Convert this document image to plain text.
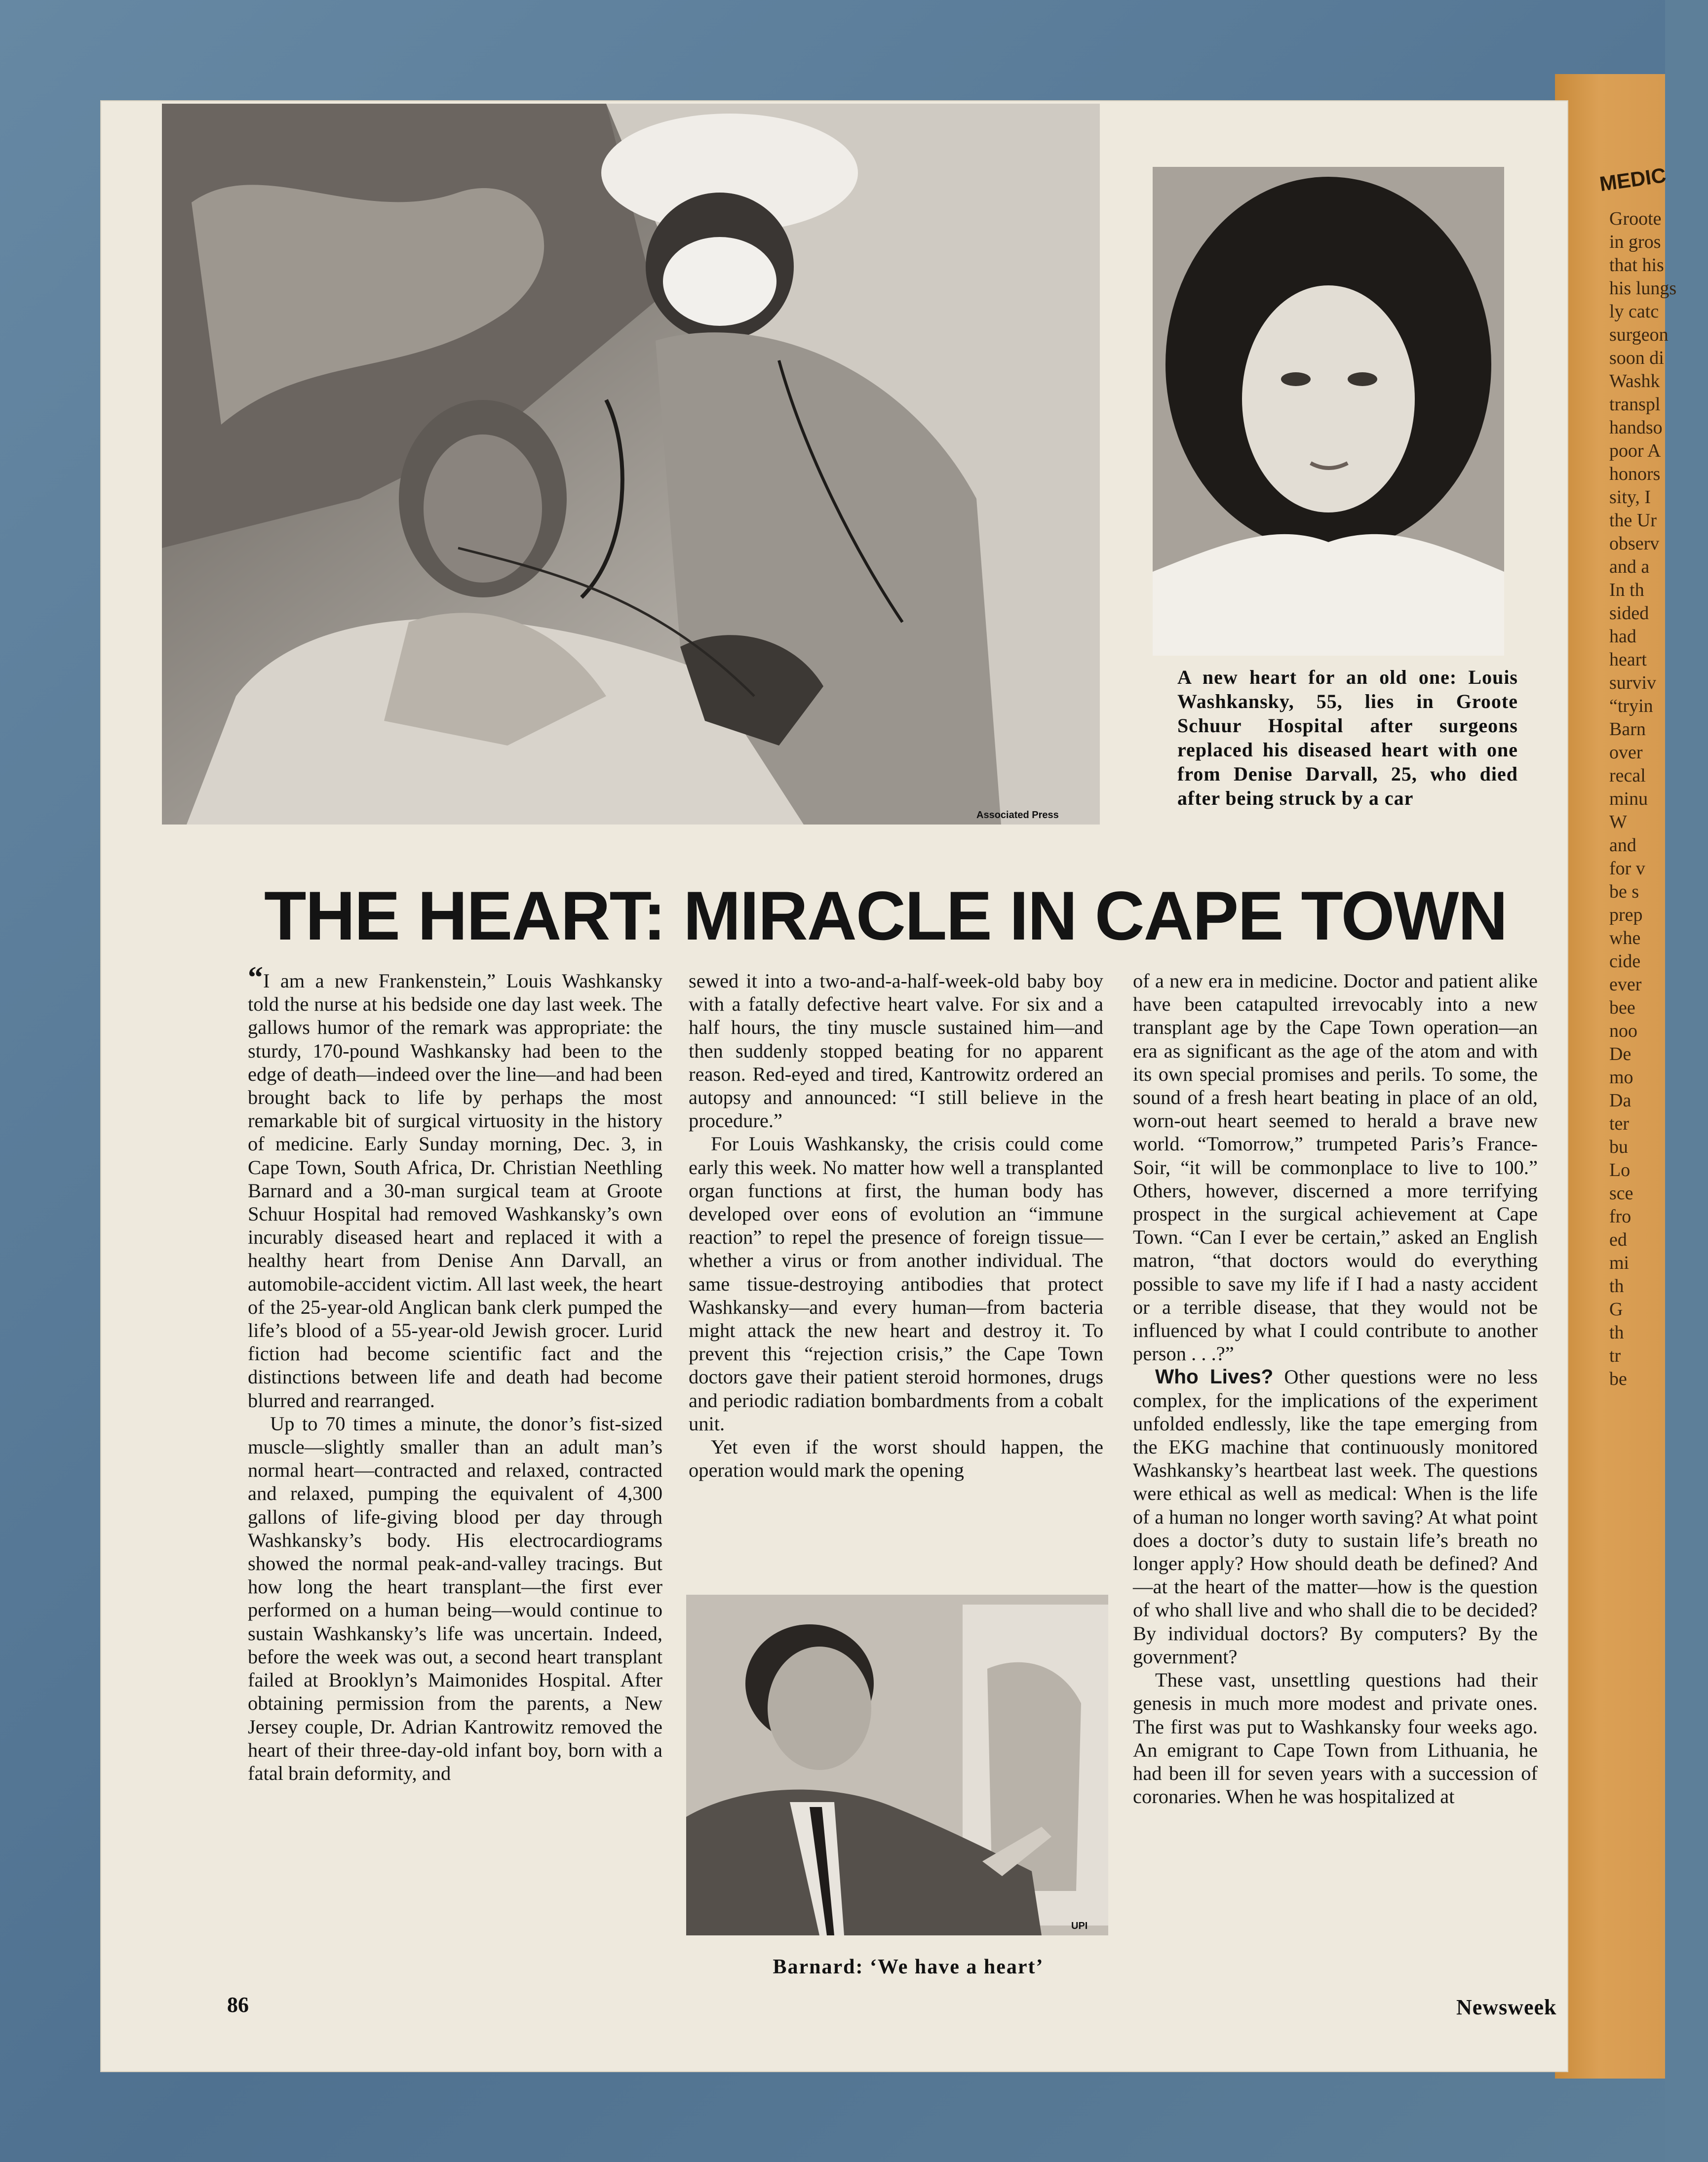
MEDIC
Groote
in gros
that his
his lungs
ly catc
surgeon
soon di
Washk
transpl
handso
poor A
honors
sity, I
the Ur
observ
and a
In th
sided
had
heart
surviv
“tryin
Barn
over
recal
minu
W
and
for v
be s
prep
whe
cide
ever
bee
noo
De
mo
Da
ter
bu
Lo
sce
fro
ed
mi
th
G
th
tr
be
Associated Press
A new heart for an old one: Louis Washkansky, 55, lies in Groote Schuur Hospital after surgeons replaced his diseased heart with one from Denise Darvall, 25, who died after being struck by a car
THE HEART: MIRACLE IN CAPE TOWN

“I am a new Frankenstein,” Louis Washkansky told the nurse at his bedside one day last week. The gallows humor of the remark was appropriate: the sturdy, 170-pound Washkansky had been to the edge of death—indeed over the line—and had been brought back to life by perhaps the most remarkable bit of surgical virtuosity in the history of medicine. Early Sunday morning, Dec. 3, in Cape Town, South Africa, Dr. Christian Neethling Barnard and a 30-man surgical team at Groote Schuur Hospital had removed Washkansky’s own incurably diseased heart and replaced it with a healthy heart from Denise Ann Darvall, an automobile-accident victim. All last week, the heart of the 25-year-old Anglican bank clerk pumped the life’s blood of a 55-year-old Jewish grocer. Lurid fiction had become scientific fact and the distinctions between life and death had become blurred and rearranged.

Up to 70 times a minute, the donor’s fist-sized muscle—slightly smaller than an adult man’s normal heart—contracted and relaxed, contracted and relaxed, pumping the equivalent of 4,300 gallons of life-giving blood per day through Washkansky’s body. His electrocardiograms showed the normal peak-and-valley tracings. But how long the heart transplant—the first ever performed on a human being—would continue to sustain Washkansky’s life was uncertain. Indeed, before the week was out, a second heart transplant failed at Brooklyn’s Maimonides Hospital. After obtaining permission from the parents, a New Jersey couple, Dr. Adrian Kantrowitz removed the heart of their three-day-old infant boy, born with a fatal brain deformity, and

sewed it into a two-and-a-half-week-old baby boy with a fatally defective heart valve. For six and a half hours, the tiny muscle sustained him—and then suddenly stopped beating for no apparent reason. Red-eyed and tired, Kantrowitz ordered an autopsy and announced: “I still believe in the procedure.”

For Louis Washkansky, the crisis could come early this week. No matter how well a transplanted organ functions at first, the human body has developed over eons of evolution an “immune reaction” to repel the presence of foreign tissue—whether a virus or from another individual. The same tissue-destroying antibodies that protect Washkansky—and every human—from bacteria might attack the new heart and destroy it. To prevent this “rejection crisis,” the Cape Town doctors gave their patient steroid hormones, drugs and periodic radiation bombardments from a cobalt unit.

Yet even if the worst should happen, the operation would mark the opening

of a new era in medicine. Doctor and patient alike have been catapulted irrevocably into a new transplant age by the Cape Town operation—an era as significant as the age of the atom and with its own special promises and perils. To some, the sound of a fresh heart beating in place of an old, worn-out heart seemed to herald a brave new world. “Tomorrow,” trumpeted Paris’s France-Soir, “it will be commonplace to live to 100.” Others, however, discerned a more terrifying prospect in the surgical achievement at Cape Town. “Can I ever be certain,” asked an English matron, “that doctors would do everything possible to save my life if I had a nasty accident or a terrible disease, that they would not be influenced by what I could contribute to another person . . .?”

Who Lives? Other questions were no less complex, for the implications of the experiment unfolded endlessly, like the tape emerging from the EKG machine that continuously monitored Washkansky’s heartbeat last week. The questions were ethical as well as medical: When is the life of a human no longer worth saving? At what point does a doctor’s duty to sustain life’s breath no longer apply? How should death be defined? And —at the heart of the matter—how is the question of who shall live and who shall die to be decided? By individual doctors? By computers? By the government?

These vast, unsettling questions had their genesis in much more modest and private ones. The first was put to Washkansky four weeks ago. An emigrant to Cape Town from Lithuania, he had been ill for seven years with a succession of coronaries. When he was hospitalized at

UPI
Barnard: ‘We have a heart’
86	Newsweek
